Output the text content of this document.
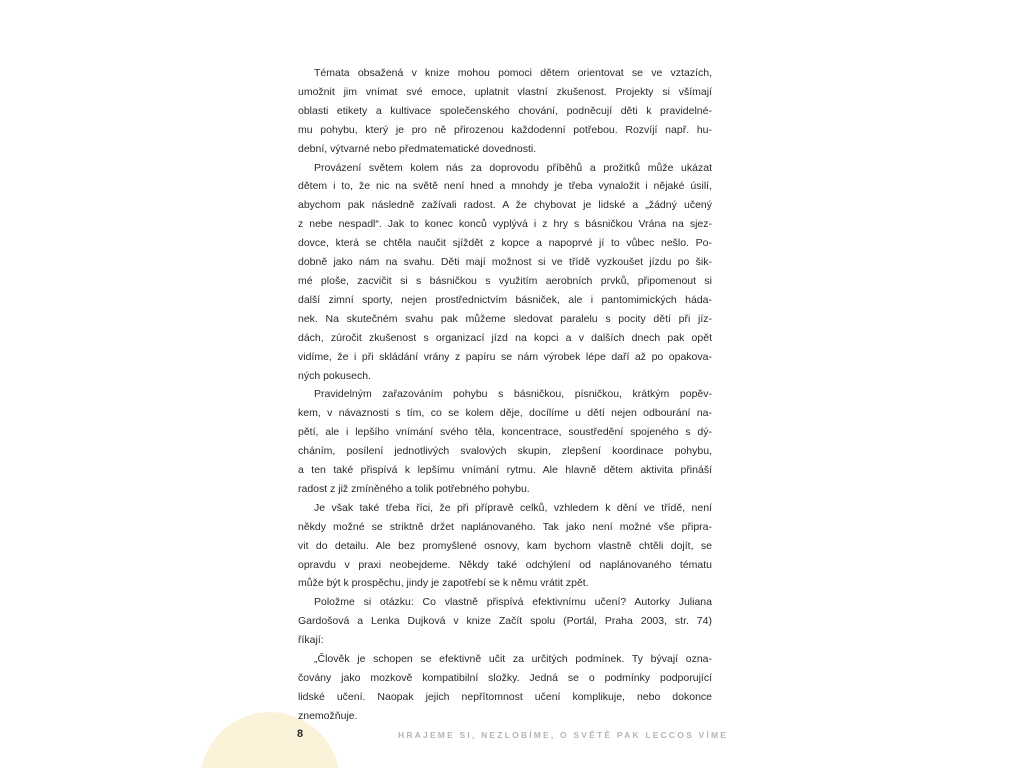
Témata obsažená v knize mohou pomoci dětem orientovat se ve vztazích,
umožnit jim vnímat své emoce, uplatnit vlastní zkušenost. Projekty si všímají
oblasti etikety a kultivace společenského chování, podněcují děti k pravidelné-
mu pohybu, který je pro ně přirozenou každodenní potřebou. Rozvíjí např. hu-
dební, výtvarné nebo předmatematické dovednosti.
Provázení světem kolem nás za doprovodu příběhů a prožitků může ukázat
dětem i to, že nic na světě není hned a mnohdy je třeba vynaložit i nějaké úsilí,
abychom pak následně zažívali radost. A že chybovat je lidské a „žádný učený
z nebe nespadl“. Jak to konec konců vyplývá i z hry s básničkou Vrána na sjez-
dovce, která se chtěla naučit sjíždět z kopce a napoprvé jí to vůbec nešlo. Po-
dobně jako nám na svahu. Děti mají možnost si ve třídě vyzkoušet jízdu po šik-
mé ploše, zacvičit si s básničkou s využitím aerobních prvků, připomenout si
další zimní sporty, nejen prostřednictvím básniček, ale i pantomimických hádа-
nek. Na skutečném svahu pak můžeme sledovat paralelu s pocity dětí při jíz-
dách, zúročit zkušenost s organizací jízd na kopci a v dalších dnech pak opět
vidíme, že i při skládání vrány z papíru se nám výrobek lépe daří až po opakova-
ných pokusech.
Pravidelným zařazováním pohybu s básničkou, písničkou, krátkým popěv-
kem, v návaznosti s tím, co se kolem děje, docílíme u dětí nejen odbourání na-
pětí, ale i lepšího vnímání svého těla, koncentrace, soustředění spojeného s dý-
cháním, posílení jednotlivých svalových skupin, zlepšení koordinace pohybu,
a ten také přispívá k lepšímu vnímání rytmu. Ale hlavně dětem aktivita přináší
radost z již zmíněného a tolik potřebného pohybu.
Je však také třeba říci, že při přípravě celků, vzhledem k dění ve třídě, není
někdy možné se striktně držet naplánovaného. Tak jako není možné vše připra-
vit do detailu. Ale bez promyšlené osnovy, kam bychom vlastně chtěli dojít, se
opravdu v praxi neobejdeme. Někdy také odchýlení od naplánovaného tématu
může být k prospěchu, jindy je zapotřebí se k němu vrátit zpět.
Položme si otázku: Co vlastně přispívá efektivnímu učení? Autorky Juliana
Gardošová a Lenka Dujková v knize Začít spolu (Portál, Praha 2003, str. 74)
říkají:
„Člověk je schopen se efektivně učit za určitých podmínek. Ty bývají ozna-
čovány jako mozkově kompatibilní složky. Jedná se o podmínky podporující
lidské učení. Naopak jejich nepřítomnost učení komplikuje, nebo dokonce
znemožňuje.
8	HRAJEME SI, NEZLOBÍME, O SVĚTĚ PAK LECCOS VÍME
